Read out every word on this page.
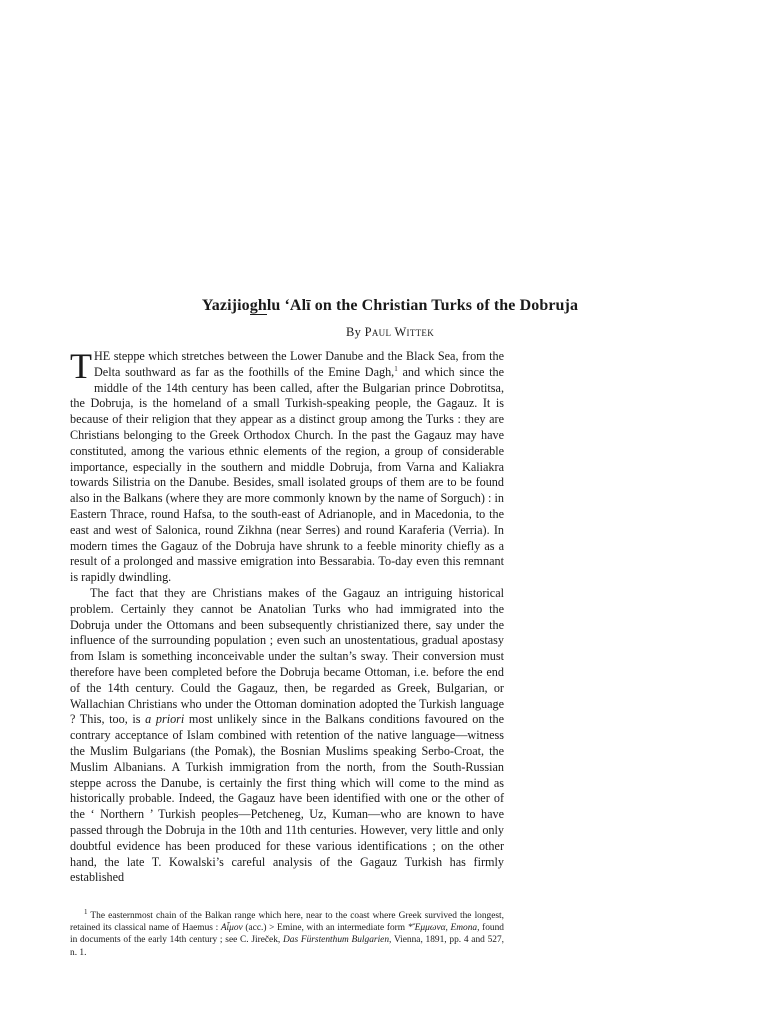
Yazijioghlu ‘Alī on the Christian Turks of the Dobruja

By Paul Wittek

THE steppe which stretches between the Lower Danube and the Black Sea, from the Delta southward as far as the foothills of the Emine Dagh,$^1$ and which since the middle of the 14th century has been called, after the Bulgarian prince Dobrotitsa, the Dobruja, is the homeland of a small Turkish-speaking people, the Gagauz. It is because of their religion that they appear as a distinct group among the Turks : they are Christians belonging to the Greek Orthodox Church. In the past the Gagauz may have constituted, among the various ethnic elements of the region, a group of considerable importance, especially in the southern and middle Dobruja, from Varna and Kaliakra towards Silistria on the Danube. Besides, small isolated groups of them are to be found also in the Balkans (where they are more commonly known by the name of Sorguch) : in Eastern Thrace, round Hafsa, to the south-east of Adrianople, and in Macedonia, to the east and west of Salonica, round Zikhna (near Serres) and round Karaferia (Verria). In modern times the Gagauz of the Dobruja have shrunk to a feeble minority chiefly as a result of a prolonged and massive emigration into Bessarabia. To-day even this remnant is rapidly dwindling.

The fact that they are Christians makes of the Gagauz an intriguing historical problem. Certainly they cannot be Anatolian Turks who had immigrated into the Dobruja under the Ottomans and been subsequently christianized there, say under the influence of the surrounding population ; even such an unostentatious, gradual apostasy from Islam is something inconceivable under the sultan’s sway. Their conversion must therefore have been completed before the Dobruja became Ottoman, i.e. before the end of the 14th century. Could the Gagauz, then, be regarded as Greek, Bulgarian, or Wallachian Christians who under the Ottoman domination adopted the Turkish language ? This, too, is a priori most unlikely since in the Balkans conditions favoured on the contrary acceptance of Islam combined with retention of the native language—witness the Muslim Bulgarians (the Pomak), the Bosnian Muslims speaking Serbo-Croat, the Muslim Albanians. A Turkish immigration from the north, from the South-Russian steppe across the Danube, is certainly the first thing which will come to the mind as historically probable. Indeed, the Gagauz have been identified with one or the other of the ‘ Northern ’ Turkish peoples—Petcheneg, Uz, Kuman—who are known to have passed through the Dobruja in the 10th and 11th centuries. However, very little and only doubtful evidence has been produced for these various identifications ; on the other hand, the late T. Kowalski’s careful analysis of the Gagauz Turkish has firmly established

$^1$ The easternmost chain of the Balkan range which here, near to the coast where Greek survived the longest, retained its classical name of Haemus : Αἷμον (acc.) > Emine, with an intermediate form *Ἔμμωνα, Emona, found in documents of the early 14th century ; see C. Jireček, Das Fürstenthum Bulgarien, Vienna, 1891, pp. 4 and 527, n. 1.
